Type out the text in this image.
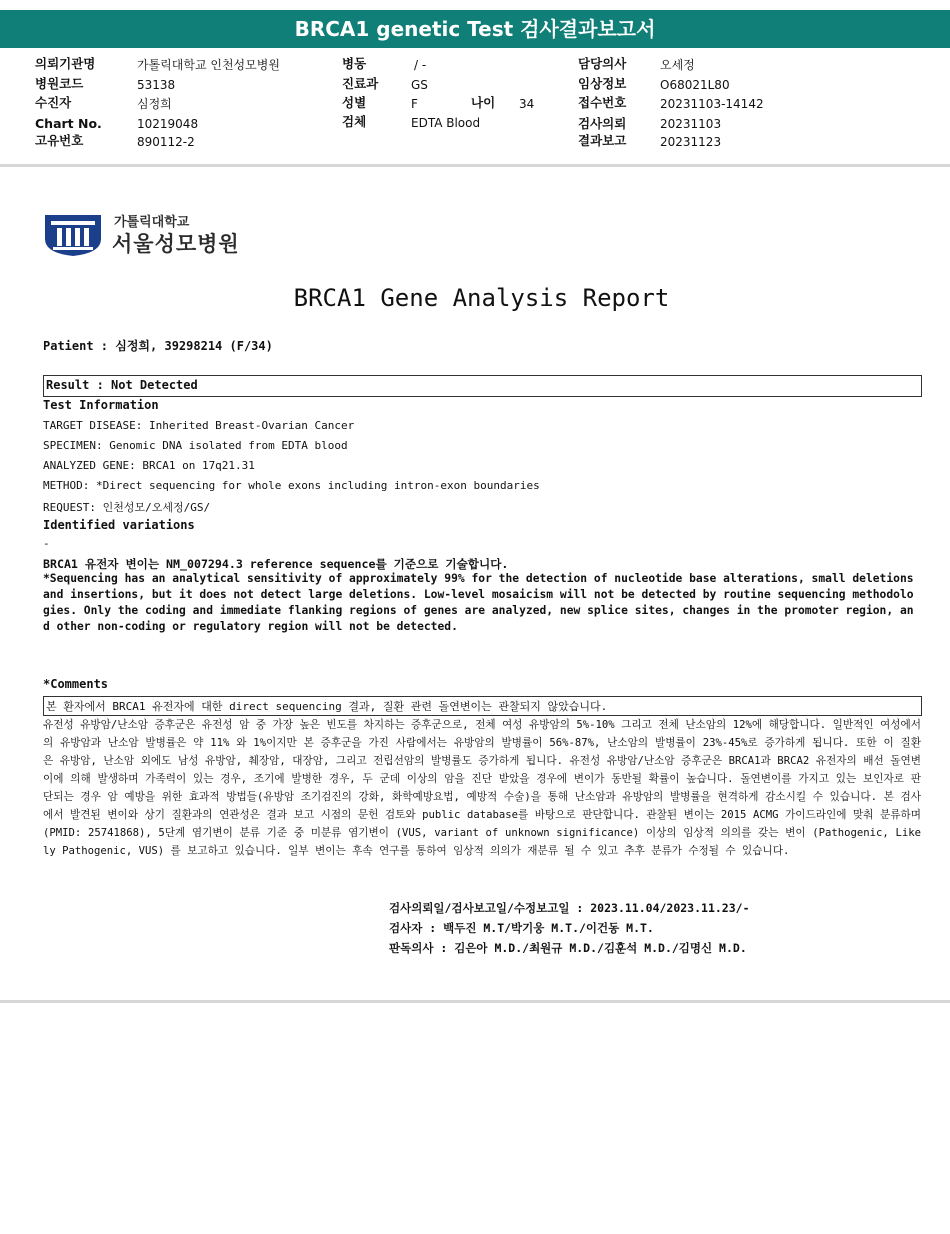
BRCA1 genetic Test 검사결과보고서
의뢰기관명	가톨릭대학교 인천성모병원
병원코드	53138
수진자	심정희
Chart No.	10219048
고유번호	890112-2
병동	/ -
진료과	GS
성별	F	나이 34
검체	EDTA Blood
담당의사	오세정
임상정보	O68021L80
접수번호	20231103-14142
검사의뢰	20231103
결과보고	20231123
가톨릭대학교
서울성모병원
BRCA1 Gene Analysis Report
Patient : 심정희, 39298214 (F/34)
Result : Not Detected
Test Information
TARGET DISEASE: Inherited Breast-Ovarian Cancer
SPECIMEN: Genomic DNA isolated from EDTA blood
ANALYZED GENE: BRCA1 on 17q21.31
METHOD: *Direct sequencing for whole exons including intron-exon boundaries
REQUEST: 인천성모/오세정/GS/
Identified variations
-
BRCA1 유전자 변이는 NM_007294.3 reference sequence를 기준으로 기술합니다.
*Sequencing has an analytical sensitivity of approximately 99% for the detection of nucleotide base alterations, small deletions and insertions, but it does not detect large deletions. Low-level mosaicism will not be detected by routine sequencing methodologies. Only the coding and immediate flanking regions of genes are analyzed, new splice sites, changes in the promoter region, and other non-coding or regulatory region will not be detected.
*Comments
본 환자에서 BRCA1 유전자에 대한 direct sequencing 결과, 질환 관련 돌연변이는 관찰되지 않았습니다.
유전성 유방암/난소암 증후군은 유전성 암 중 가장 높은 빈도를 차지하는 증후군으로, 전체 여성 유방암의 5%-10% 그리고 전체 난소암의 12%에 해당합니다. 일반적인 여성에서의 유방암과 난소암 발병률은 약 11% 와 1%이지만 본 증후군을 가진 사람에서는 유방암의 발병률이 56%-87%, 난소암의 발병률이 23%-45%로 증가하게 됩니다. 또한 이 질환은 유방암, 난소암 외에도 남성 유방암, 췌장암, 대장암, 그리고 전립선암의 발병률도 증가하게 됩니다. 유전성 유방암/난소암 증후군은 BRCA1과 BRCA2 유전자의 배선 돌연변이에 의해 발생하며 가족력이 있는 경우, 조기에 발병한 경우, 두 군데 이상의 암을 진단 받았을 경우에 변이가 동반될 확률이 높습니다. 돌연변이를 가지고 있는 보인자로 판단되는 경우 암 예방을 위한 효과적 방법들(유방암 조기검진의 강화, 화학예방요법, 예방적 수술)을 통해 난소암과 유방암의 발병률을 현격하게 감소시킬 수 있습니다. 본 검사에서 발견된 변이와 상기 질환과의 연관성은 결과 보고 시점의 문헌 검토와 public database를 바탕으로 판단합니다. 관찰된 변이는 2015 ACMG 가이드라인에 맞춰 분류하며 (PMID: 25741868), 5단계 염기변이 분류 기준 중 미분류 염기변이 (VUS, variant of unknown significance) 이상의 임상적 의의를 갖는 변이 (Pathogenic, Likely Pathogenic, VUS) 를 보고하고 있습니다. 일부 변이는 후속 연구를 통하여 임상적 의의가 재분류 될 수 있고 추후 분류가 수정될 수 있습니다.
검사의뢰일/검사보고일/수정보고일 : 2023.11.04/2023.11.23/-
검사자 : 백두진 M.T/박기웅 M.T./이건동 M.T.
판독의사 : 김은아 M.D./최원규 M.D./김훈석 M.D./김명신 M.D.
